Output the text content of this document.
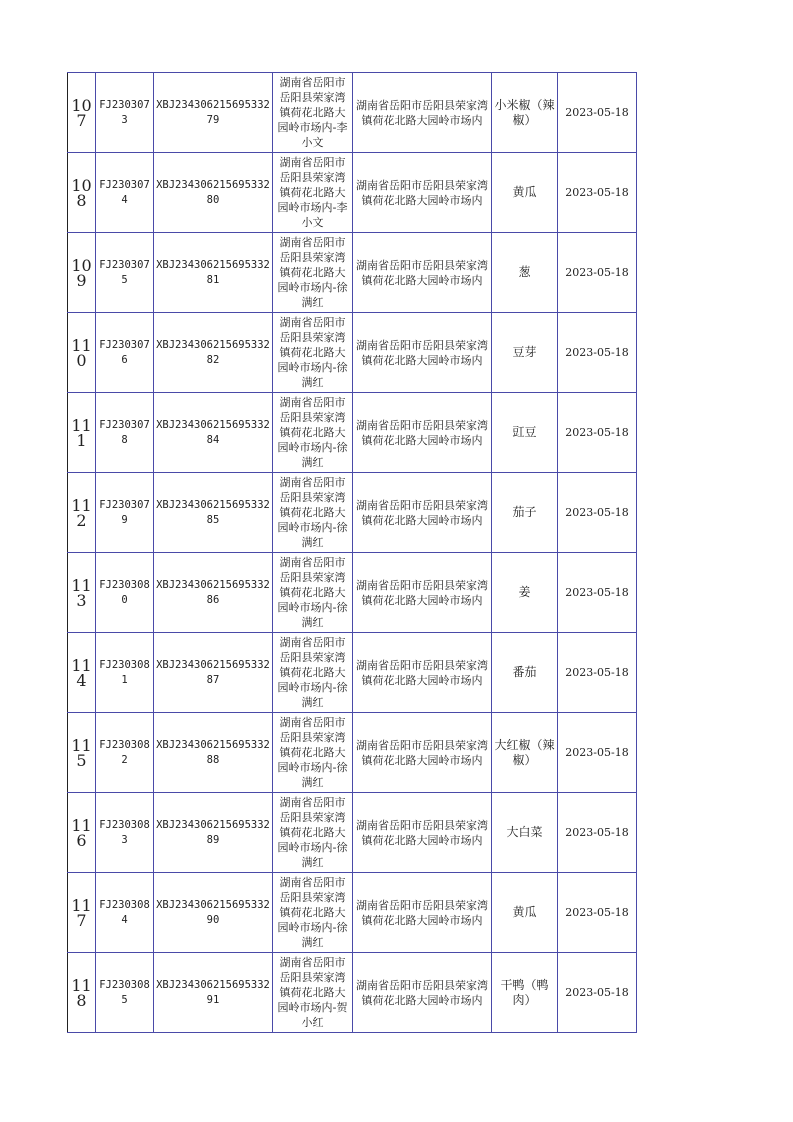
107	FJ2303073	XBJ23430621569533279	湖南省岳阳市岳阳县荣家湾镇荷花北路大园岭市场内-李小文	湖南省岳阳市岳阳县荣家湾镇荷花北路大园岭市场内	小米椒（辣椒）	2023-05-18
108	FJ2303074	XBJ23430621569533280	湖南省岳阳市岳阳县荣家湾镇荷花北路大园岭市场内-李小文	湖南省岳阳市岳阳县荣家湾镇荷花北路大园岭市场内	黄瓜	2023-05-18
109	FJ2303075	XBJ23430621569533281	湖南省岳阳市岳阳县荣家湾镇荷花北路大园岭市场内-徐满红	湖南省岳阳市岳阳县荣家湾镇荷花北路大园岭市场内	葱	2023-05-18
110	FJ2303076	XBJ23430621569533282	湖南省岳阳市岳阳县荣家湾镇荷花北路大园岭市场内-徐满红	湖南省岳阳市岳阳县荣家湾镇荷花北路大园岭市场内	豆芽	2023-05-18
111	FJ2303078	XBJ23430621569533284	湖南省岳阳市岳阳县荣家湾镇荷花北路大园岭市场内-徐满红	湖南省岳阳市岳阳县荣家湾镇荷花北路大园岭市场内	豇豆	2023-05-18
112	FJ2303079	XBJ23430621569533285	湖南省岳阳市岳阳县荣家湾镇荷花北路大园岭市场内-徐满红	湖南省岳阳市岳阳县荣家湾镇荷花北路大园岭市场内	茄子	2023-05-18
113	FJ2303080	XBJ23430621569533286	湖南省岳阳市岳阳县荣家湾镇荷花北路大园岭市场内-徐满红	湖南省岳阳市岳阳县荣家湾镇荷花北路大园岭市场内	姜	2023-05-18
114	FJ2303081	XBJ23430621569533287	湖南省岳阳市岳阳县荣家湾镇荷花北路大园岭市场内-徐满红	湖南省岳阳市岳阳县荣家湾镇荷花北路大园岭市场内	番茄	2023-05-18
115	FJ2303082	XBJ23430621569533288	湖南省岳阳市岳阳县荣家湾镇荷花北路大园岭市场内-徐满红	湖南省岳阳市岳阳县荣家湾镇荷花北路大园岭市场内	大红椒（辣椒）	2023-05-18
116	FJ2303083	XBJ23430621569533289	湖南省岳阳市岳阳县荣家湾镇荷花北路大园岭市场内-徐满红	湖南省岳阳市岳阳县荣家湾镇荷花北路大园岭市场内	大白菜	2023-05-18
117	FJ2303084	XBJ23430621569533290	湖南省岳阳市岳阳县荣家湾镇荷花北路大园岭市场内-徐满红	湖南省岳阳市岳阳县荣家湾镇荷花北路大园岭市场内	黄瓜	2023-05-18
118	FJ2303085	XBJ23430621569533291	湖南省岳阳市岳阳县荣家湾镇荷花北路大园岭市场内-贺小红	湖南省岳阳市岳阳县荣家湾镇荷花北路大园岭市场内	干鸭（鸭肉）	2023-05-18
